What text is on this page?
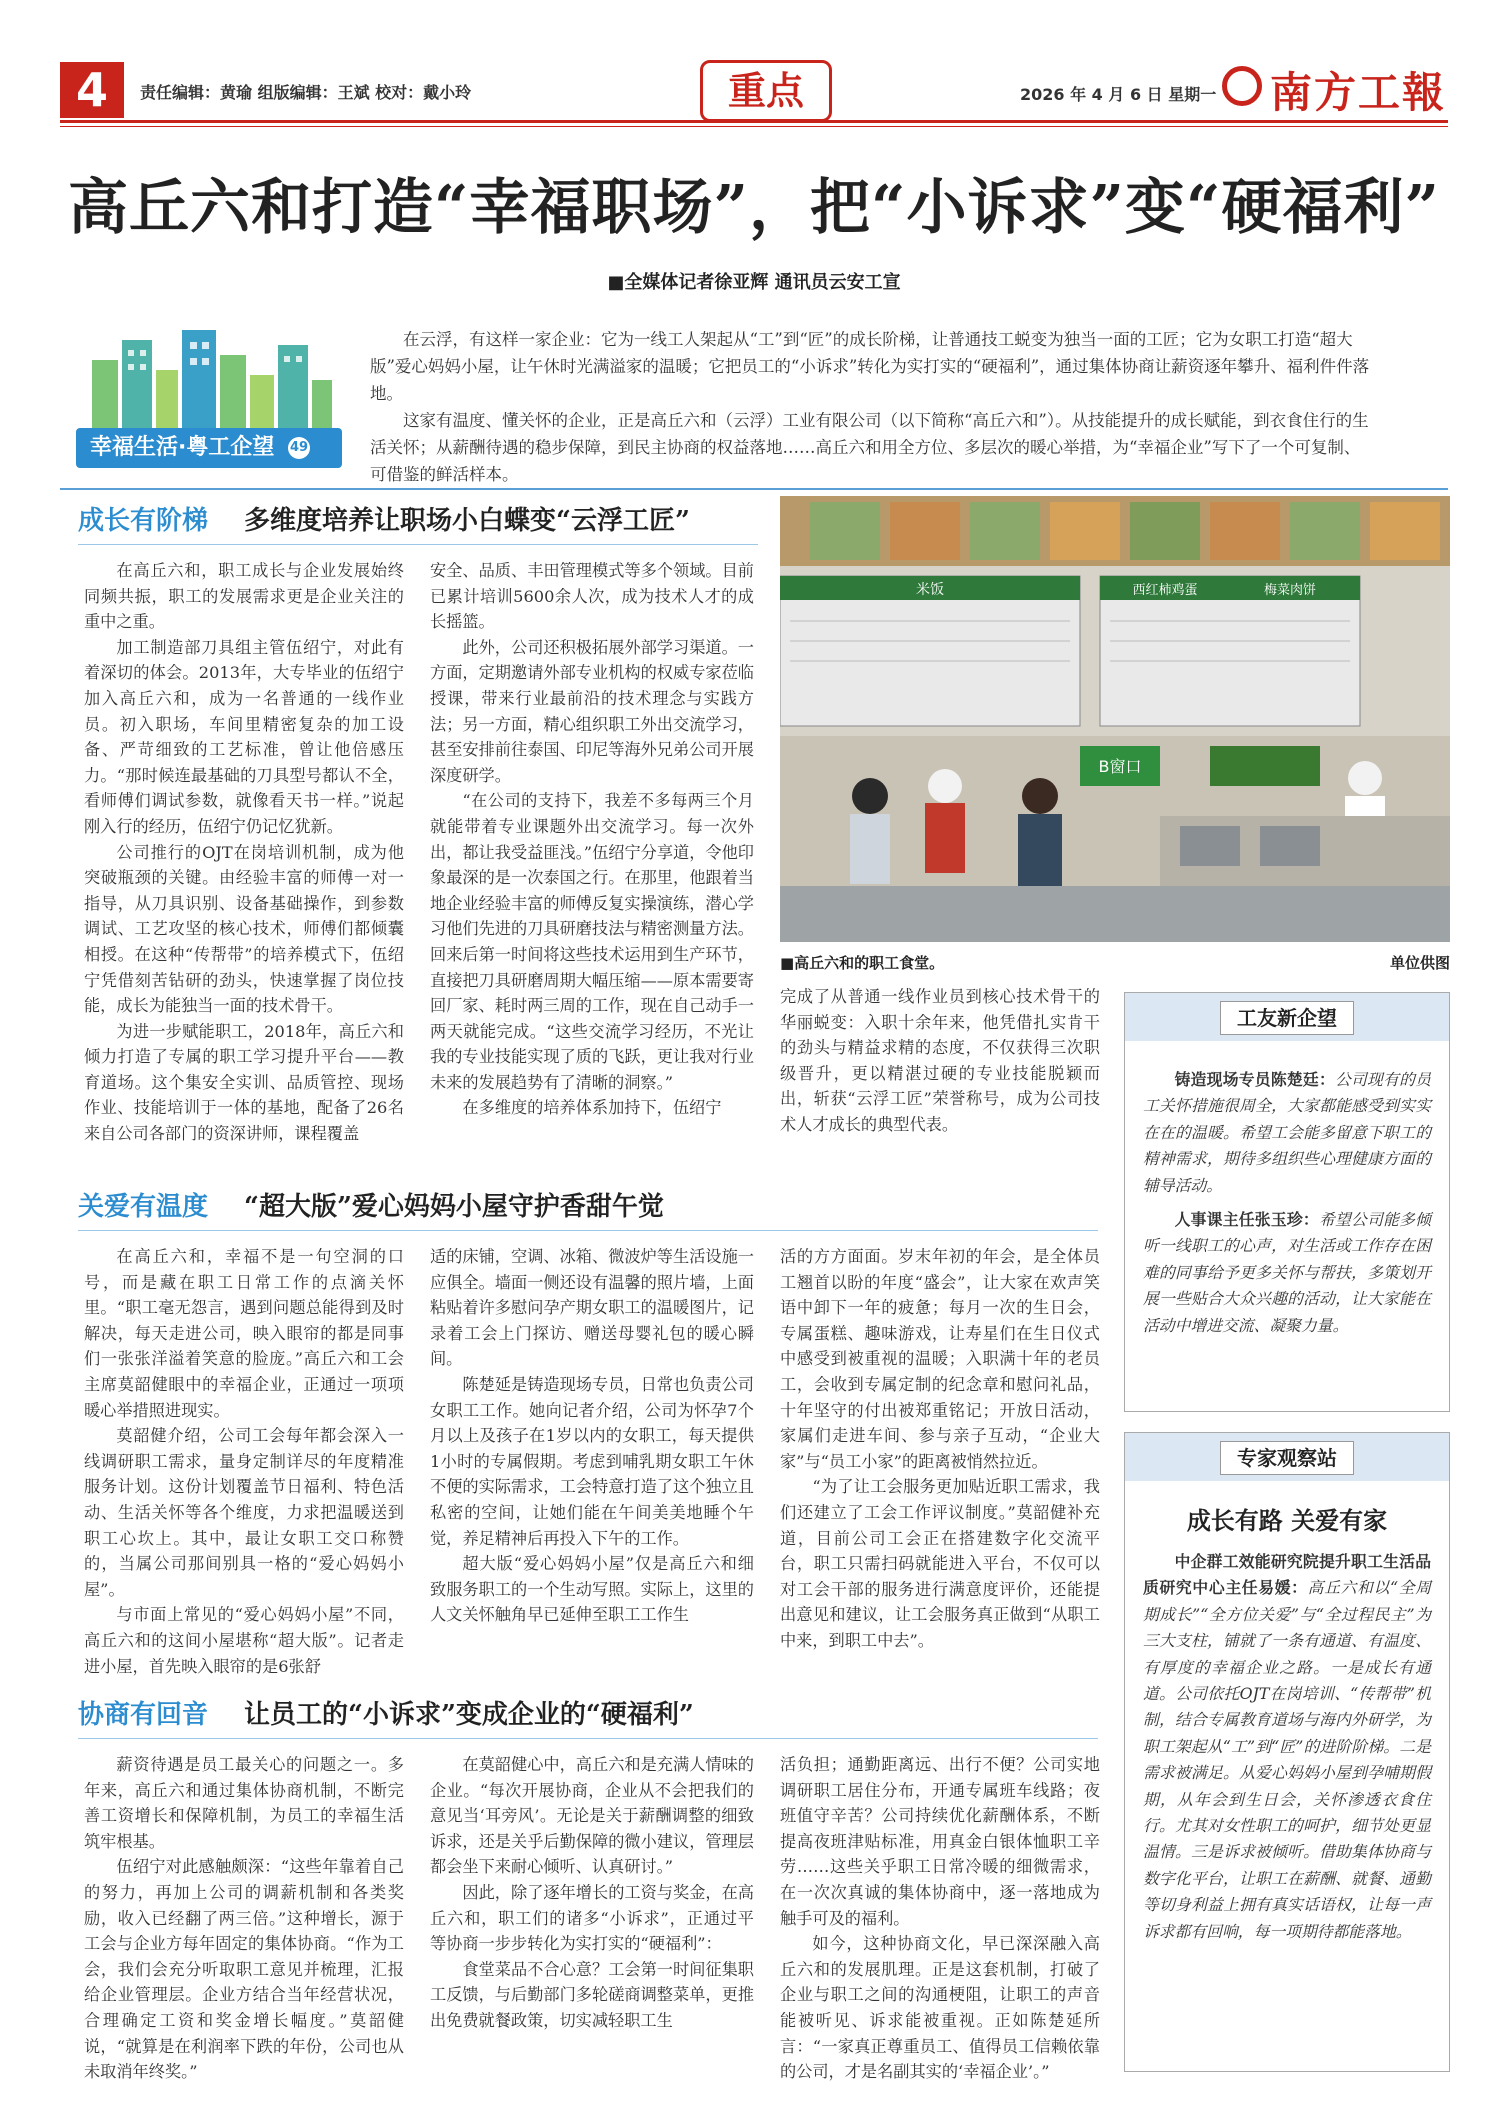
4	责任编辑：黄瑜 组版编辑：王斌 校对：戴小玲	重点	2026 年 4 月 6 日 星期一 南方工報
高丘六和打造“幸福职场”，把“小诉求”变“硬福利”
■全媒体记者徐亚辉 通讯员云安工宣
幸福生活·粤工企望 49

在云浮，有这样一家企业：它为一线工人架起从“工”到“匠”的成长阶梯，让普通技工蜕变为独当一面的工匠；它为女职工打造“超大版”爱心妈妈小屋，让午休时光满溢家的温暖；它把员工的“小诉求”转化为实打实的“硬福利”，通过集体协商让薪资逐年攀升、福利件件落地。

这家有温度、懂关怀的企业，正是高丘六和（云浮）工业有限公司（以下简称“高丘六和”）。从技能提升的成长赋能，到衣食住行的生活关怀；从薪酬待遇的稳步保障，到民主协商的权益落地……高丘六和用全方位、多层次的暖心举措，为“幸福企业”写下了一个可复制、可借鉴的鲜活样本。

成长有阶梯 多维度培养让职场小白蝶变“云浮工匠”

在高丘六和，职工成长与企业发展始终同频共振，职工的发展需求更是企业关注的重中之重。

加工制造部刀具组主管伍绍宁，对此有着深切的体会。2013年，大专毕业的伍绍宁加入高丘六和，成为一名普通的一线作业员。初入职场，车间里精密复杂的加工设备、严苛细致的工艺标准，曾让他倍感压力。“那时候连最基础的刀具型号都认不全，看师傅们调试参数，就像看天书一样。”说起刚入行的经历，伍绍宁仍记忆犹新。

公司推行的OJT在岗培训机制，成为他突破瓶颈的关键。由经验丰富的师傅一对一指导，从刀具识别、设备基础操作，到参数调试、工艺攻坚的核心技术，师傅们都倾囊相授。在这种“传帮带”的培养模式下，伍绍宁凭借刻苦钻研的劲头，快速掌握了岗位技能，成长为能独当一面的技术骨干。

为进一步赋能职工，2018年，高丘六和倾力打造了专属的职工学习提升平台——教育道场。这个集安全实训、品质管控、现场作业、技能培训于一体的基地，配备了26名来自公司各部门的资深讲师，课程覆盖

安全、品质、丰田管理模式等多个领域。目前已累计培训5600余人次，成为技术人才的成长摇篮。

此外，公司还积极拓展外部学习渠道。一方面，定期邀请外部专业机构的权威专家莅临授课，带来行业最前沿的技术理念与实践方法；另一方面，精心组织职工外出交流学习，甚至安排前往泰国、印尼等海外兄弟公司开展深度研学。

“在公司的支持下，我差不多每两三个月就能带着专业课题外出交流学习。每一次外出，都让我受益匪浅。”伍绍宁分享道，令他印象最深的是一次泰国之行。在那里，他跟着当地企业经验丰富的师傅反复实操演练，潜心学习他们先进的刀具研磨技法与精密测量方法。回来后第一时间将这些技术运用到生产环节，直接把刀具研磨周期大幅压缩——原本需要寄回厂家、耗时两三周的工作，现在自己动手一两天就能完成。“这些交流学习经历，不光让我的专业技能实现了质的飞跃，更让我对行业未来的发展趋势有了清晰的洞察。”

在多维度的培养体系加持下，伍绍宁

米饭	西红柿鸡蛋	梅菜肉饼
B窗口
■高丘六和的职工食堂。	单位供图

完成了从普通一线作业员到核心技术骨干的华丽蜕变：入职十余年来，他凭借扎实肯干的劲头与精益求精的态度，不仅获得三次职级晋升，更以精湛过硬的专业技能脱颖而出，斩获“云浮工匠”荣誉称号，成为公司技术人才成长的典型代表。

工友新企望

铸造现场专员陈楚廷：公司现有的员工关怀措施很周全，大家都能感受到实实在在的温暖。希望工会能多留意下职工的精神需求，期待多组织些心理健康方面的辅导活动。

人事课主任张玉珍：希望公司能多倾听一线职工的心声，对生活或工作存在困难的同事给予更多关怀与帮扶，多策划开展一些贴合大众兴趣的活动，让大家能在活动中增进交流、凝聚力量。

关爱有温度 “超大版”爱心妈妈小屋守护香甜午觉

在高丘六和，幸福不是一句空洞的口号，而是藏在职工日常工作的点滴关怀里。“职工毫无怨言，遇到问题总能得到及时解决，每天走进公司，映入眼帘的都是同事们一张张洋溢着笑意的脸庞。”高丘六和工会主席莫韶健眼中的幸福企业，正通过一项项暖心举措照进现实。

莫韶健介绍，公司工会每年都会深入一线调研职工需求，量身定制详尽的年度精准服务计划。这份计划覆盖节日福利、特色活动、生活关怀等各个维度，力求把温暖送到职工心坎上。其中，最让女职工交口称赞的，当属公司那间别具一格的“爱心妈妈小屋”。

与市面上常见的“爱心妈妈小屋”不同，高丘六和的这间小屋堪称“超大版”。记者走进小屋，首先映入眼帘的是6张舒

适的床铺，空调、冰箱、微波炉等生活设施一应俱全。墙面一侧还设有温馨的照片墙，上面粘贴着许多慰问孕产期女职工的温暖图片，记录着工会上门探访、赠送母婴礼包的暖心瞬间。

陈楚延是铸造现场专员，日常也负责公司女职工工作。她向记者介绍，公司为怀孕7个月以上及孩子在1岁以内的女职工，每天提供1小时的专属假期。考虑到哺乳期女职工午休不便的实际需求，工会特意打造了这个独立且私密的空间，让她们能在午间美美地睡个午觉，养足精神后再投入下午的工作。

超大版“爱心妈妈小屋”仅是高丘六和细致服务职工的一个生动写照。实际上，这里的人文关怀触角早已延伸至职工工作生

活的方方面面。岁末年初的年会，是全体员工翘首以盼的年度“盛会”，让大家在欢声笑语中卸下一年的疲惫；每月一次的生日会，专属蛋糕、趣味游戏，让寿星们在生日仪式中感受到被重视的温暖；入职满十年的老员工，会收到专属定制的纪念章和慰问礼品，十年坚守的付出被郑重铭记；开放日活动，家属们走进车间、参与亲子互动，“企业大家”与“员工小家”的距离被悄然拉近。

“为了让工会服务更加贴近职工需求，我们还建立了工会工作评议制度。”莫韶健补充道，目前公司工会正在搭建数字化交流平台，职工只需扫码就能进入平台，不仅可以对工会干部的服务进行满意度评价，还能提出意见和建议，让工会服务真正做到“从职工中来，到职工中去”。

专家观察站
成长有路 关爱有家

中企群工效能研究院提升职工生活品质研究中心主任易媛：高丘六和以“全周期成长”“全方位关爱”与“全过程民主”为三大支柱，铺就了一条有通道、有温度、有厚度的幸福企业之路。一是成长有通道。公司依托OJT在岗培训、“传帮带”机制，结合专属教育道场与海内外研学，为职工架起从“工”到“匠”的进阶阶梯。二是需求被满足。从爱心妈妈小屋到孕哺期假期，从年会到生日会，关怀渗透衣食住行。尤其对女性职工的呵护，细节处更显温情。三是诉求被倾听。借助集体协商与数字化平台，让职工在薪酬、就餐、通勤等切身利益上拥有真实话语权，让每一声诉求都有回响，每一项期待都能落地。

协商有回音 让员工的“小诉求”变成企业的“硬福利”

薪资待遇是员工最关心的问题之一。多年来，高丘六和通过集体协商机制，不断完善工资增长和保障机制，为员工的幸福生活筑牢根基。

伍绍宁对此感触颇深：“这些年靠着自己的努力，再加上公司的调薪机制和各类奖励，收入已经翻了两三倍。”这种增长，源于工会与企业方每年固定的集体协商。“作为工会，我们会充分听取职工意见并梳理，汇报给企业管理层。企业方结合当年经营状况，合理确定工资和奖金增长幅度。”莫韶健说，“就算是在利润率下跌的年份，公司也从未取消年终奖。”

在莫韶健心中，高丘六和是充满人情味的企业。“每次开展协商，企业从不会把我们的意见当‘耳旁风’。无论是关于薪酬调整的细致诉求，还是关乎后勤保障的微小建议，管理层都会坐下来耐心倾听、认真研讨。”

因此，除了逐年增长的工资与奖金，在高丘六和，职工们的诸多“小诉求”，正通过平等协商一步步转化为实打实的“硬福利”：

食堂菜品不合心意？工会第一时间征集职工反馈，与后勤部门多轮磋商调整菜单，更推出免费就餐政策，切实减轻职工生

活负担；通勤距离远、出行不便？公司实地调研职工居住分布，开通专属班车线路；夜班值守辛苦？公司持续优化薪酬体系，不断提高夜班津贴标准，用真金白银体恤职工辛劳……这些关乎职工日常冷暖的细微需求，在一次次真诚的集体协商中，逐一落地成为触手可及的福利。

如今，这种协商文化，早已深深融入高丘六和的发展肌理。正是这套机制，打破了企业与职工之间的沟通梗阻，让职工的声音能被听见、诉求能被重视。正如陈楚延所言：“一家真正尊重员工、值得员工信赖依靠的公司，才是名副其实的‘幸福企业’。”
